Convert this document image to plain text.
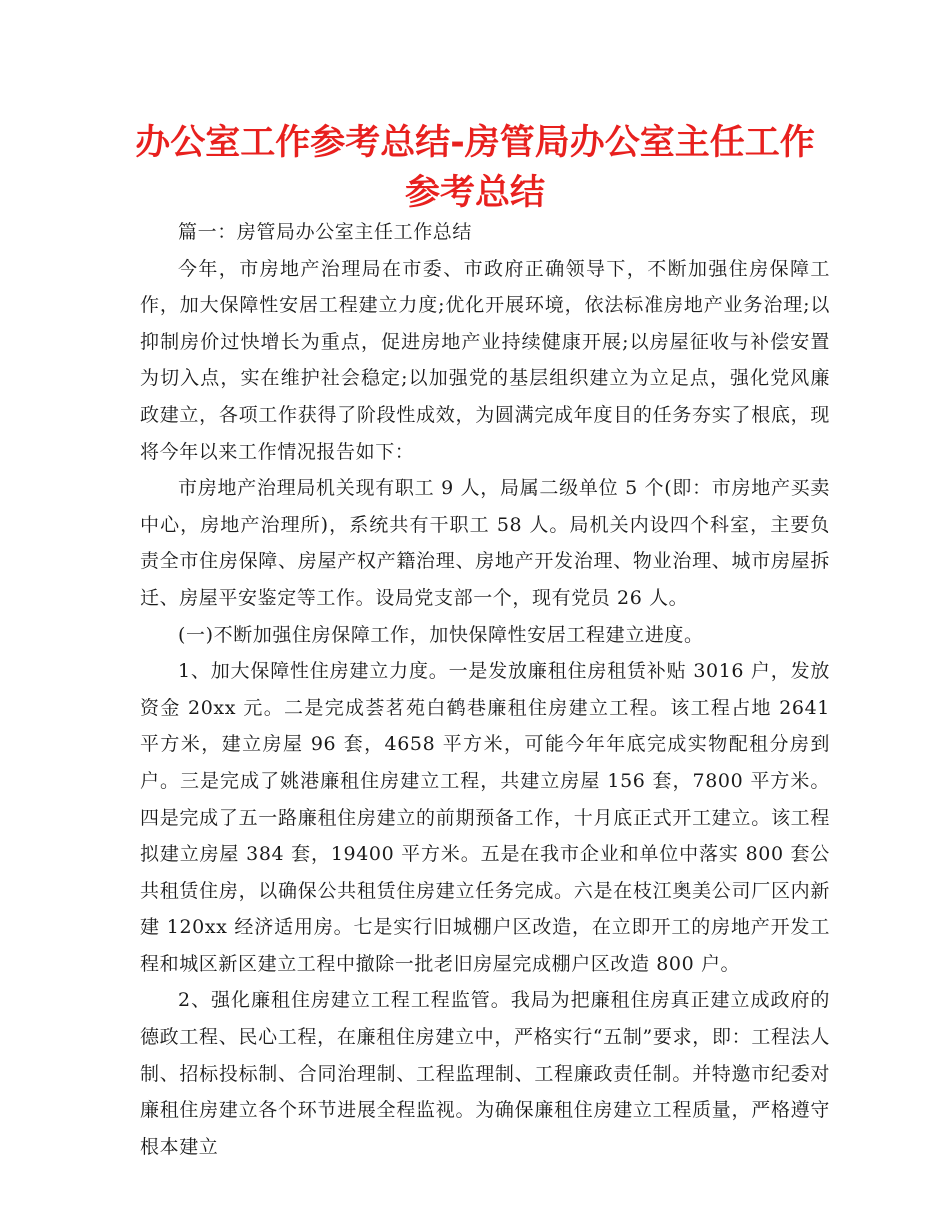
办公室工作参考总结-房管局办公室主任工作参考总结

篇一：房管局办公室主任工作总结

今年，市房地产治理局在市委、市政府正确领导下，不断加强住房保障工作，加大保障性安居工程建立力度;优化开展环境，依法标准房地产业务治理;以抑制房价过快增长为重点，促进房地产业持续健康开展;以房屋征收与补偿安置为切入点，实在维护社会稳定;以加强党的基层组织建立为立足点，强化党风廉政建立，各项工作获得了阶段性成效，为圆满完成年度目的任务夯实了根底，现将今年以来工作情况报告如下：

市房地产治理局机关现有职工 9 人，局属二级单位 5 个(即：市房地产买卖中心，房地产治理所)，系统共有干职工 58 人。局机关内设四个科室，主要负责全市住房保障、房屋产权产籍治理、房地产开发治理、物业治理、城市房屋拆迁、房屋平安鉴定等工作。设局党支部一个，现有党员 26 人。

(一)不断加强住房保障工作，加快保障性安居工程建立进度。

1、加大保障性住房建立力度。一是发放廉租住房租赁补贴 3016 户，发放资金 20xx 元。二是完成荟茗苑白鹤巷廉租住房建立工程。该工程占地 2641 平方米，建立房屋 96 套，4658 平方米，可能今年年底完成实物配租分房到户。三是完成了姚港廉租住房建立工程，共建立房屋 156 套，7800 平方米。四是完成了五一路廉租住房建立的前期预备工作，十月底正式开工建立。该工程拟建立房屋 384 套，19400 平方米。五是在我市企业和单位中落实 800 套公共租赁住房，以确保公共租赁住房建立任务完成。六是在枝江奥美公司厂区内新建 120xx 经济适用房。七是实行旧城棚户区改造，在立即开工的房地产开发工程和城区新区建立工程中撤除一批老旧房屋完成棚户区改造 800 户。

2、强化廉租住房建立工程工程监管。我局为把廉租住房真正建立成政府的德政工程、民心工程，在廉租住房建立中，严格实行“五制”要求，即：工程法人制、招标投标制、合同治理制、工程监理制、工程廉政责任制。并特邀市纪委对廉租住房建立各个环节进展全程监视。为确保廉租住房建立工程质量，严格遵守根本建立
